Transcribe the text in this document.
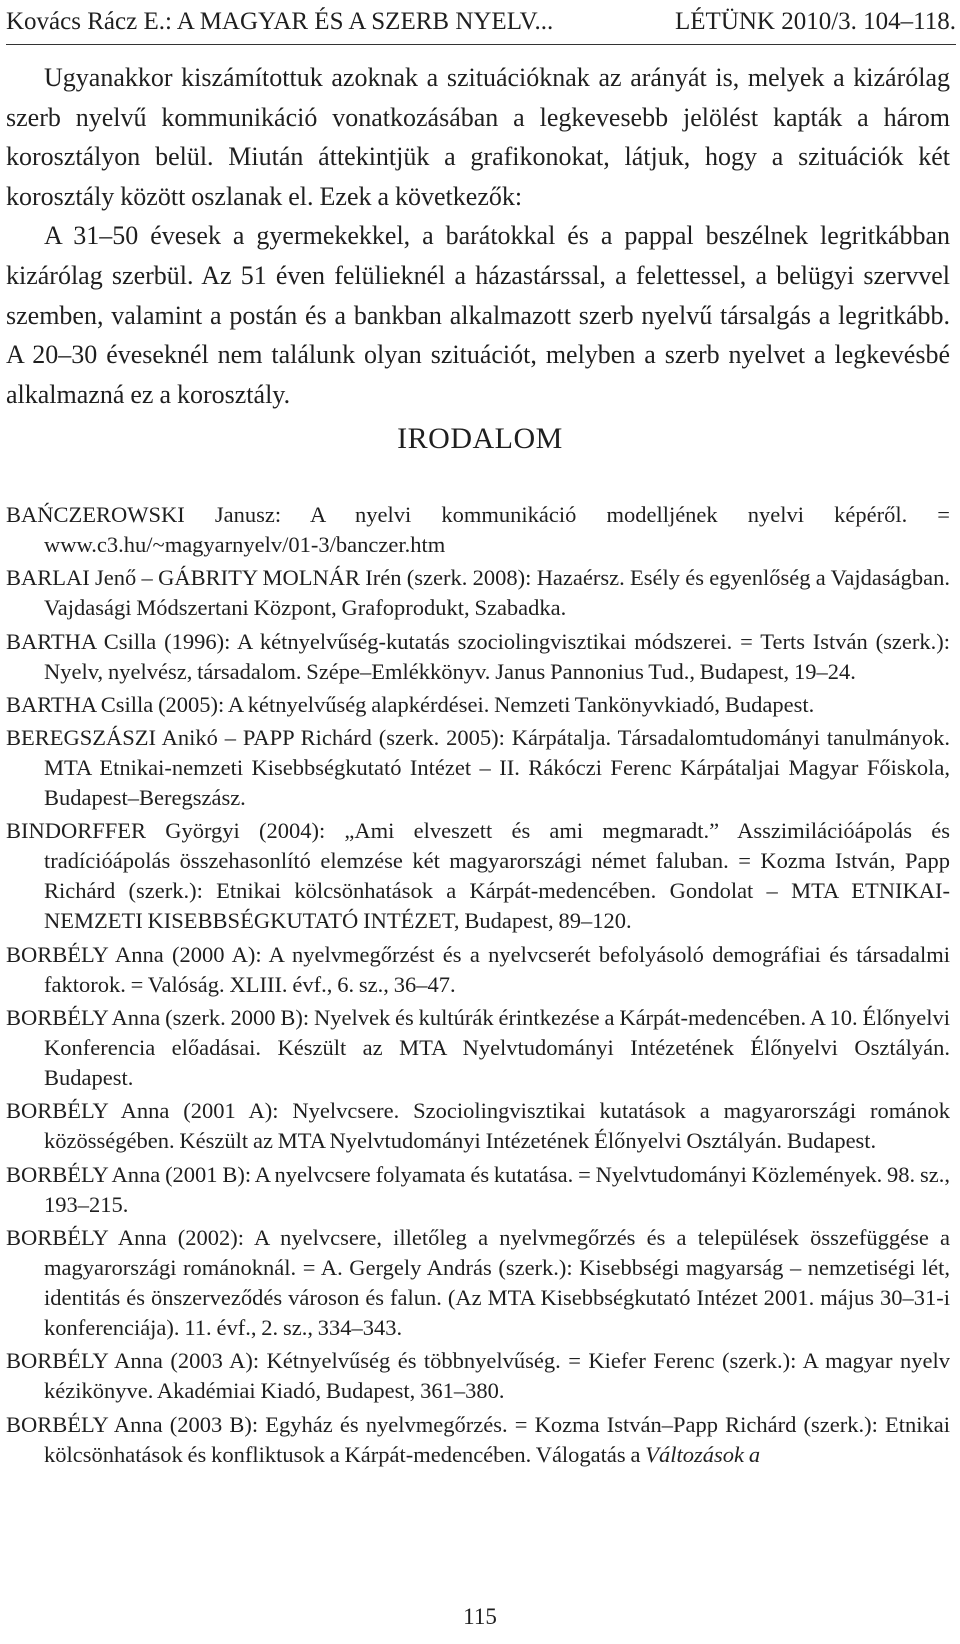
Kovács Rácz E.: A MAGYAR ÉS A SZERB NYELV...	LÉTÜNK 2010/3. 104–118.

Ugyanakkor kiszámítottuk azoknak a szituációknak az arányát is, melyek a kizárólag szerb nyelvű kommunikáció vonatkozásában a legkevesebb jelölést kapták a három korosztályon belül. Miután áttekintjük a grafikonokat, látjuk, hogy a szituációk két korosztály között oszlanak el. Ezek a következők:

A 31–50 évesek a gyermekekkel, a barátokkal és a pappal beszélnek legritkábban kizárólag szerbül. Az 51 éven felülieknél a házastárssal, a felettessel, a belügyi szervvel szemben, valamint a postán és a bankban alkalmazott szerb nyelvű társalgás a legritkább. A 20–30 éveseknél nem találunk olyan szituációt, melyben a szerb nyelvet a legkevésbé alkalmazná ez a korosztály.

IRODALOM

BAŃCZEROWSKI Janusz: A nyelvi kommunikáció modelljének nyelvi képéről. = www.c3.hu/~magyarnyelv/01-3/banczer.htm

BARLAI Jenő – GÁBRITY MOLNÁR Irén (szerk. 2008): Hazaérsz. Esély és egyenlőség a Vajdaságban. Vajdasági Módszertani Központ, Grafoprodukt, Szabadka.

BARTHA Csilla (1996): A kétnyelvűség-kutatás szociolingvisztikai módszerei. = Terts István (szerk.): Nyelv, nyelvész, társadalom. Szépe–Emlékkönyv. Janus Pannonius Tud., Budapest, 19–24.

BARTHA Csilla (2005): A kétnyelvűség alapkérdései. Nemzeti Tankönyvkiadó, Budapest.

BEREGSZÁSZI Anikó – PAPP Richárd (szerk. 2005): Kárpátalja. Társadalomtudományi tanulmányok. MTA Etnikai-nemzeti Kisebbségkutató Intézet – II. Rákóczi Ferenc Kárpátaljai Magyar Főiskola, Budapest–Beregszász.

BINDORFFER Györgyi (2004): „Ami elveszett és ami megmaradt.” Asszimilációápolás és tradícióápolás összehasonlító elemzése két magyarországi német faluban. = Kozma István, Papp Richárd (szerk.): Etnikai kölcsönhatások a Kárpát-medencében. Gondolat – MTA ETNIKAI-NEMZETI KISEBBSÉGKUTATÓ INTÉZET, Budapest, 89–120.

BORBÉLY Anna (2000 A): A nyelvmegőrzést és a nyelvcserét befolyásoló demográfiai és társadalmi faktorok. = Valóság. XLIII. évf., 6. sz., 36–47.

BORBÉLY Anna (szerk. 2000 B): Nyelvek és kultúrák érintkezése a Kárpát-medencében. A 10. Élőnyelvi Konferencia előadásai. Készült az MTA Nyelvtudományi Intézetének Élőnyelvi Osztályán. Budapest.

BORBÉLY Anna (2001 A): Nyelvcsere. Szociolingvisztikai kutatások a magyarországi románok közösségében. Készült az MTA Nyelvtudományi Intézetének Élőnyelvi Osztályán. Budapest.

BORBÉLY Anna (2001 B): A nyelvcsere folyamata és kutatása. = Nyelvtudományi Közlemények. 98. sz., 193–215.

BORBÉLY Anna (2002): A nyelvcsere, illetőleg a nyelvmegőrzés és a települések összefüggése a magyarországi románoknál. = A. Gergely András (szerk.): Kisebbségi magyarság – nemzetiségi lét, identitás és önszerveződés városon és falun. (Az MTA Kisebbségkutató Intézet 2001. május 30–31-i konferenciája). 11. évf., 2. sz., 334–343.

BORBÉLY Anna (2003 A): Kétnyelvűség és többnyelvűség. = Kiefer Ferenc (szerk.): A magyar nyelv kézikönyve. Akadémiai Kiadó, Budapest, 361–380.

BORBÉLY Anna (2003 B): Egyház és nyelvmegőrzés. = Kozma István–Papp Richárd (szerk.): Etnikai kölcsönhatások és konfliktusok a Kárpát-medencében. Válogatás a Változások a

115
